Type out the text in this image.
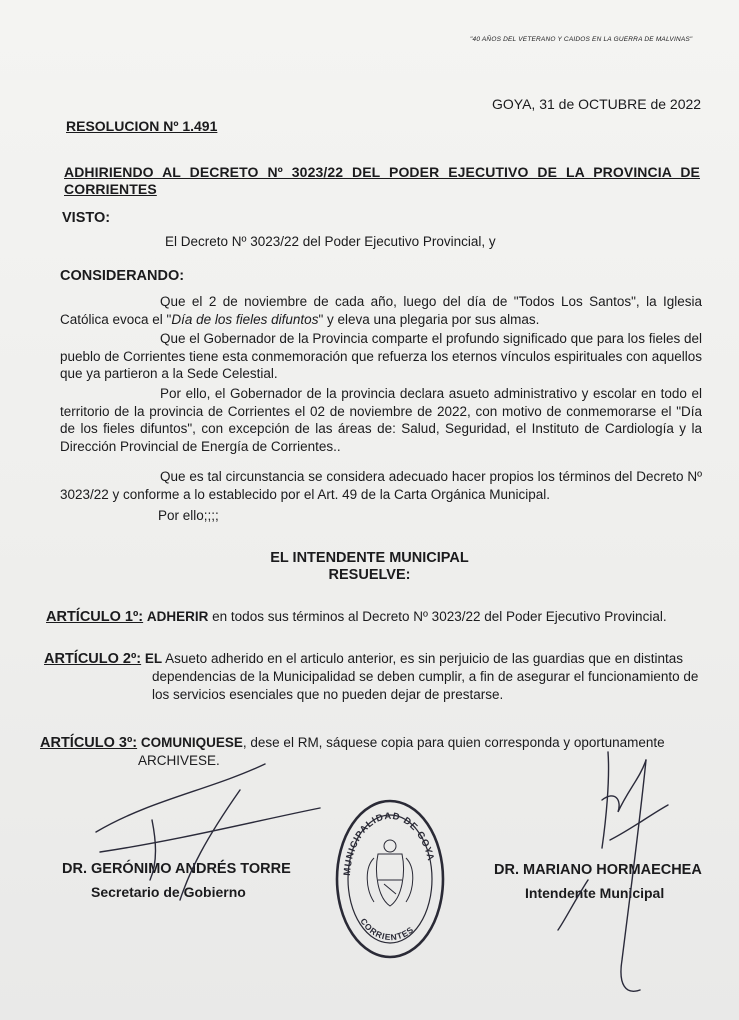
"40 AÑOS DEL VETERANO Y CAIDOS EN LA GUERRA DE MALVINAS"

GOYA, 31 de OCTUBRE de 2022

RESOLUCION Nº 1.491

ADHIRIENDO AL DECRETO Nº 3023/22 DEL PODER EJECUTIVO DE LA PROVINCIA DE CORRIENTES

VISTO:

El Decreto Nº 3023/22 del Poder Ejecutivo Provincial, y

CONSIDERANDO:

Que el 2 de noviembre de cada año, luego del día de "Todos Los Santos", la Iglesia Católica evoca el "Día de los fieles difuntos" y eleva una plegaria por sus almas.

Que el Gobernador de la Provincia comparte el profundo significado que para los fieles del pueblo de Corrientes tiene esta conmemoración que refuerza los eternos vínculos espirituales con aquellos que ya partieron a la Sede Celestial.

Por ello, el Gobernador de la provincia declara asueto administrativo y escolar en todo el territorio de la provincia de Corrientes el 02 de noviembre de 2022, con motivo de conmemorarse el "Día de los fieles difuntos", con excepción de las áreas de: Salud, Seguridad, el Instituto de Cardiología y la Dirección Provincial de Energía de Corrientes..

Que es tal circunstancia se considera adecuado hacer propios los términos del Decreto Nº 3023/22 y conforme a lo establecido por el Art. 49 de la Carta Orgánica Municipal.

Por ello;;;;

EL INTENDENTE MUNICIPAL
RESUELVE:

ARTÍCULO 1º: ADHERIR en todos sus términos al Decreto Nº 3023/22 del Poder Ejecutivo Provincial.

ARTÍCULO 2º: EL Asueto adherido en el articulo anterior, es sin perjuicio de las guardias que en distintas
dependencias de la Municipalidad se deben cumplir, a fin de asegurar el funcionamiento de los servicios esenciales que no pueden dejar de prestarse.
ARTÍCULO 3º: COMUNIQUESE, dese el RM, sáquese copia para quien corresponda y oportunamente
ARCHIVESE.

DR. GERÓNIMO ANDRÉS TORRE

Secretario de Gobierno

DR. MARIANO HORMAECHEA

Intendente Municipal

MUNICIPALIDAD DE GOYA
CORRIENTES
